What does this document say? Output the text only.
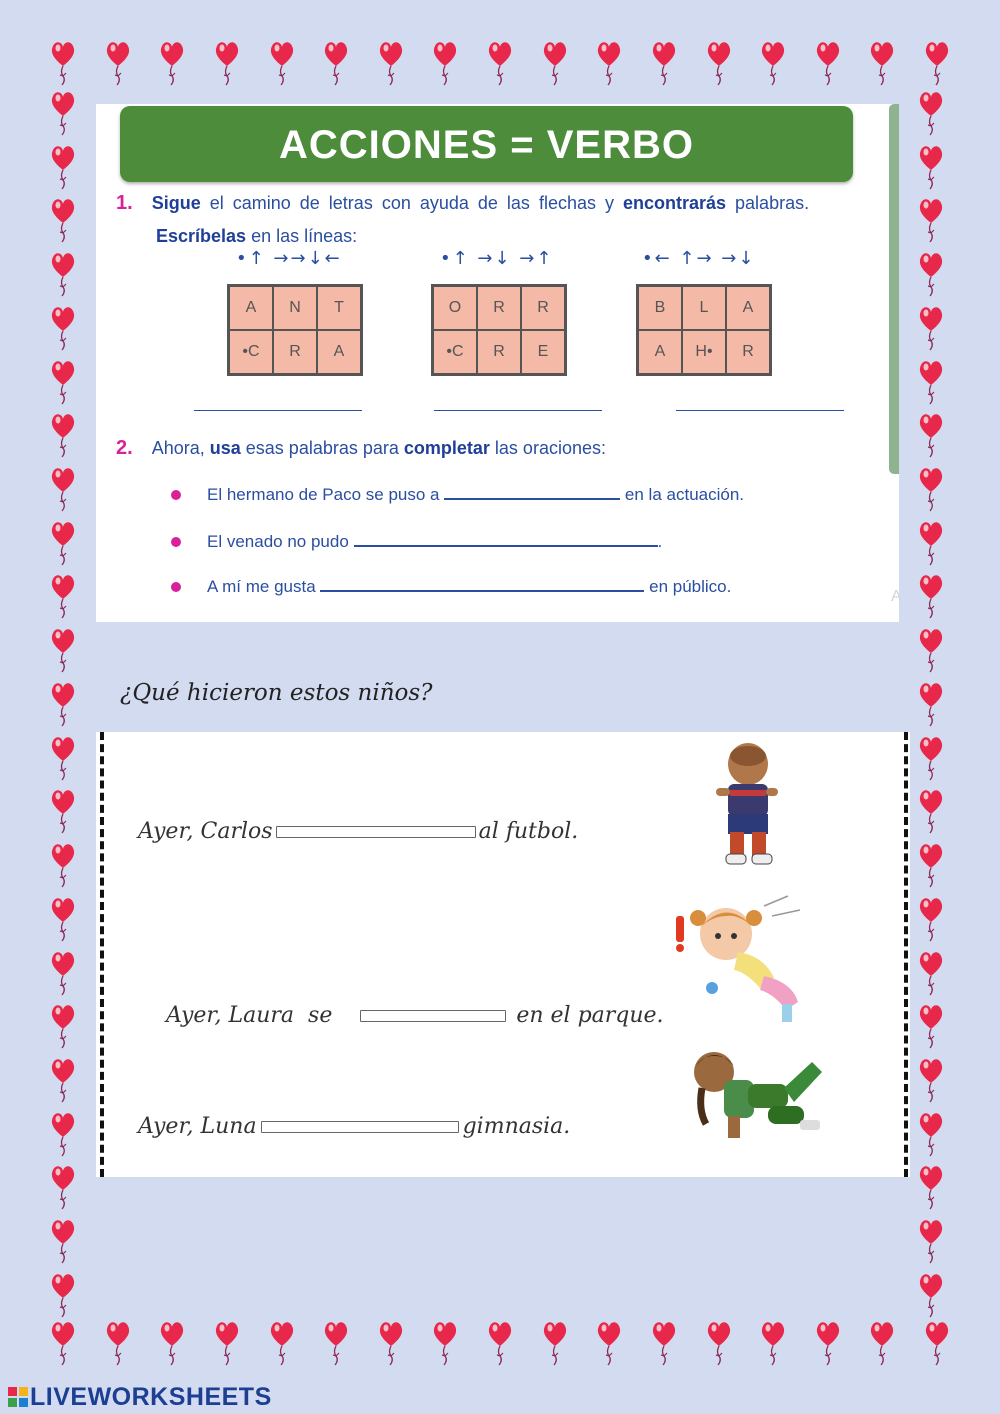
ACCIONES = VERBO
1. Sigue el camino de letras con ayuda de las flechas y encontrarás palabras.
Escríbelas en las líneas:
•↑ →→↓←	•↑ →↓ →↑	•← ↑→ →↓
A	N	T
•C	R	A
O	R	R
•C	R	E
B	L	A
A	H•	R
2. Ahora, usa esas palabras para completar las oraciones:
El hermano de Paco se puso a	en la actuación.
El venado no pudo	.
A mí me gusta	en público.
A
¿Qué hicieron estos niños?
Ayer, Carlos	al futbol.

Ayer, Laura  se	en el parque.

Ayer, Luna	gimnasia.
LIVEWORKSHEETS
